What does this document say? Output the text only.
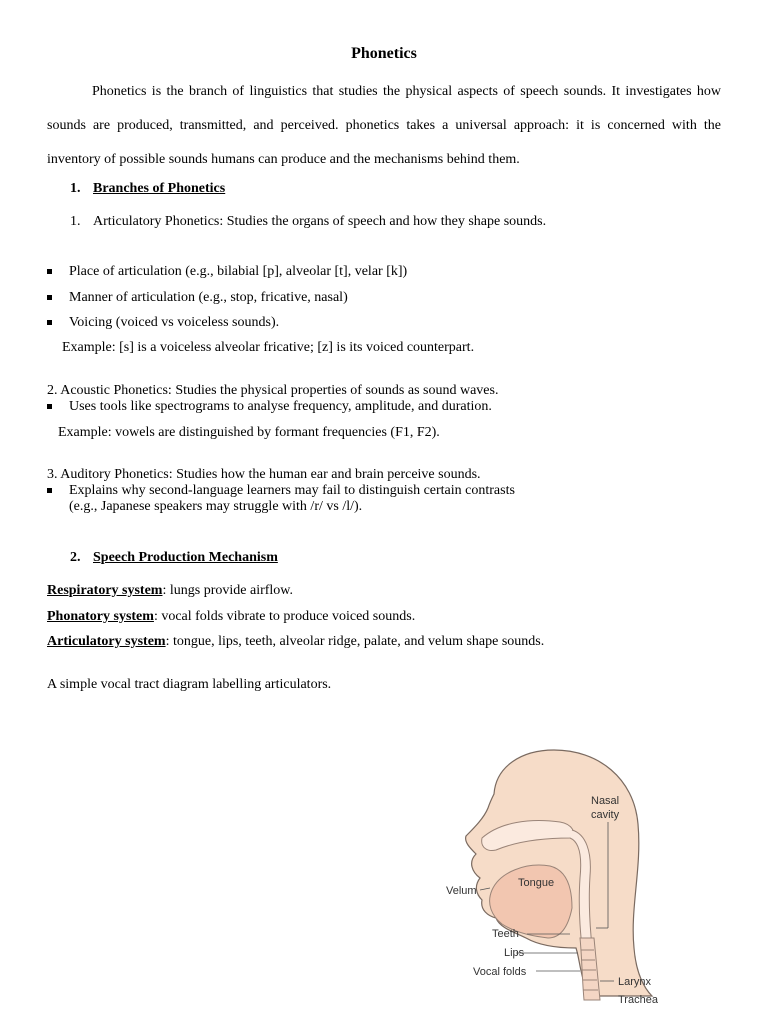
Phonetics
Phonetics is the branch of linguistics that studies the physical aspects of speech sounds. It investigates how sounds are produced, transmitted, and perceived. phonetics takes a universal approach: it is concerned with the inventory of possible sounds humans can produce and the mechanisms behind them.
1. Branches of Phonetics
1. Articulatory Phonetics: Studies the organs of speech and how they shape sounds.
Place of articulation (e.g., bilabial [p], alveolar [t], velar [k])
Manner of articulation (e.g., stop, fricative, nasal)
Voicing (voiced vs voiceless sounds).
Example: [s] is a voiceless alveolar fricative; [z] is its voiced counterpart.
2. Acoustic Phonetics: Studies the physical properties of sounds as sound waves.
Uses tools like spectrograms to analyse frequency, amplitude, and duration.
Example: vowels are distinguished by formant frequencies (F1, F2).
3. Auditory Phonetics: Studies how the human ear and brain perceive sounds.
Explains why second-language learners may fail to distinguish certain contrasts
(e.g., Japanese speakers may struggle with /r/ vs /l/).
2. Speech Production Mechanism
Respiratory system: lungs provide airflow.
Phonatory system: vocal folds vibrate to produce voiced sounds.
Articulatory system: tongue, lips, teeth, alveolar ridge, palate, and velum shape sounds.
A simple vocal tract diagram labelling articulators.
Nasal
cavity
Tongue
Velum
Teeth
Lips
Vocal folds
Larynx
Trachea
